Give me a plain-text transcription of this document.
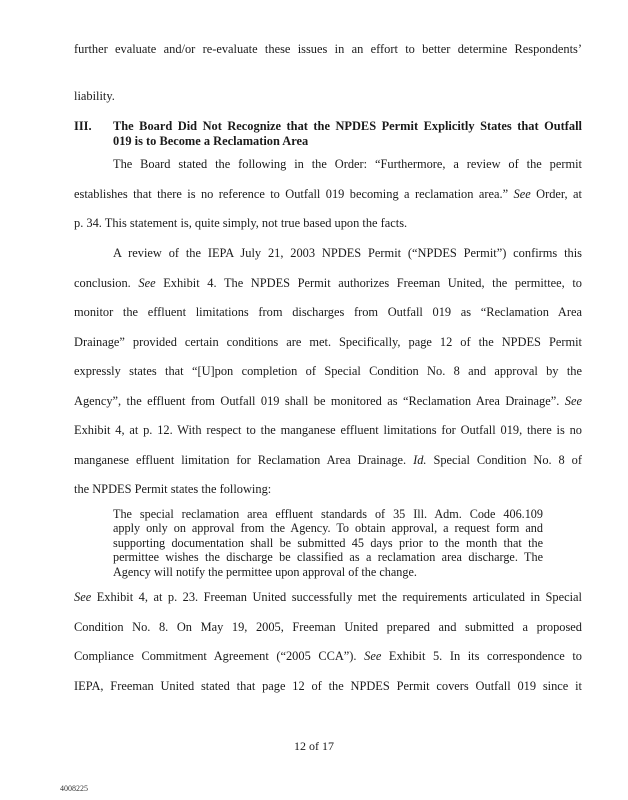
further evaluate and/or re-evaluate these issues in an effort to better determine Respondents’
liability.
III. The Board Did Not Recognize that the NPDES Permit Explicitly States that Outfall
019 is to Become a Reclamation Area
The Board stated the following in the Order: “Furthermore, a review of the permit
establishes that there is no reference to Outfall 019 becoming a reclamation area.” See Order, at
p. 34. This statement is, quite simply, not true based upon the facts.
A review of the IEPA July 21, 2003 NPDES Permit (“NPDES Permit”) confirms this
conclusion. See Exhibit 4. The NPDES Permit authorizes Freeman United, the permittee, to
monitor the effluent limitations from discharges from Outfall 019 as “Reclamation Area
Drainage” provided certain conditions are met. Specifically, page 12 of the NPDES Permit
expressly states that “[U]pon completion of Special Condition No. 8 and approval by the
Agency”, the effluent from Outfall 019 shall be monitored as “Reclamation Area Drainage”. See
Exhibit 4, at p. 12. With respect to the manganese effluent limitations for Outfall 019, there is no
manganese effluent limitation for Reclamation Area Drainage. Id. Special Condition No. 8 of
the NPDES Permit states the following:
The special reclamation area effluent standards of 35 Ill. Adm. Code 406.109
apply only on approval from the Agency. To obtain approval, a request form and
supporting documentation shall be submitted 45 days prior to the month that the
permittee wishes the discharge be classified as a reclamation area discharge. The
Agency will notify the permittee upon approval of the change.
See Exhibit 4, at p. 23. Freeman United successfully met the requirements articulated in Special
Condition No. 8. On May 19, 2005, Freeman United prepared and submitted a proposed
Compliance Commitment Agreement (“2005 CCA”). See Exhibit 5. In its correspondence to
IEPA, Freeman United stated that page 12 of the NPDES Permit covers Outfall 019 since it
12 of 17
4008225
